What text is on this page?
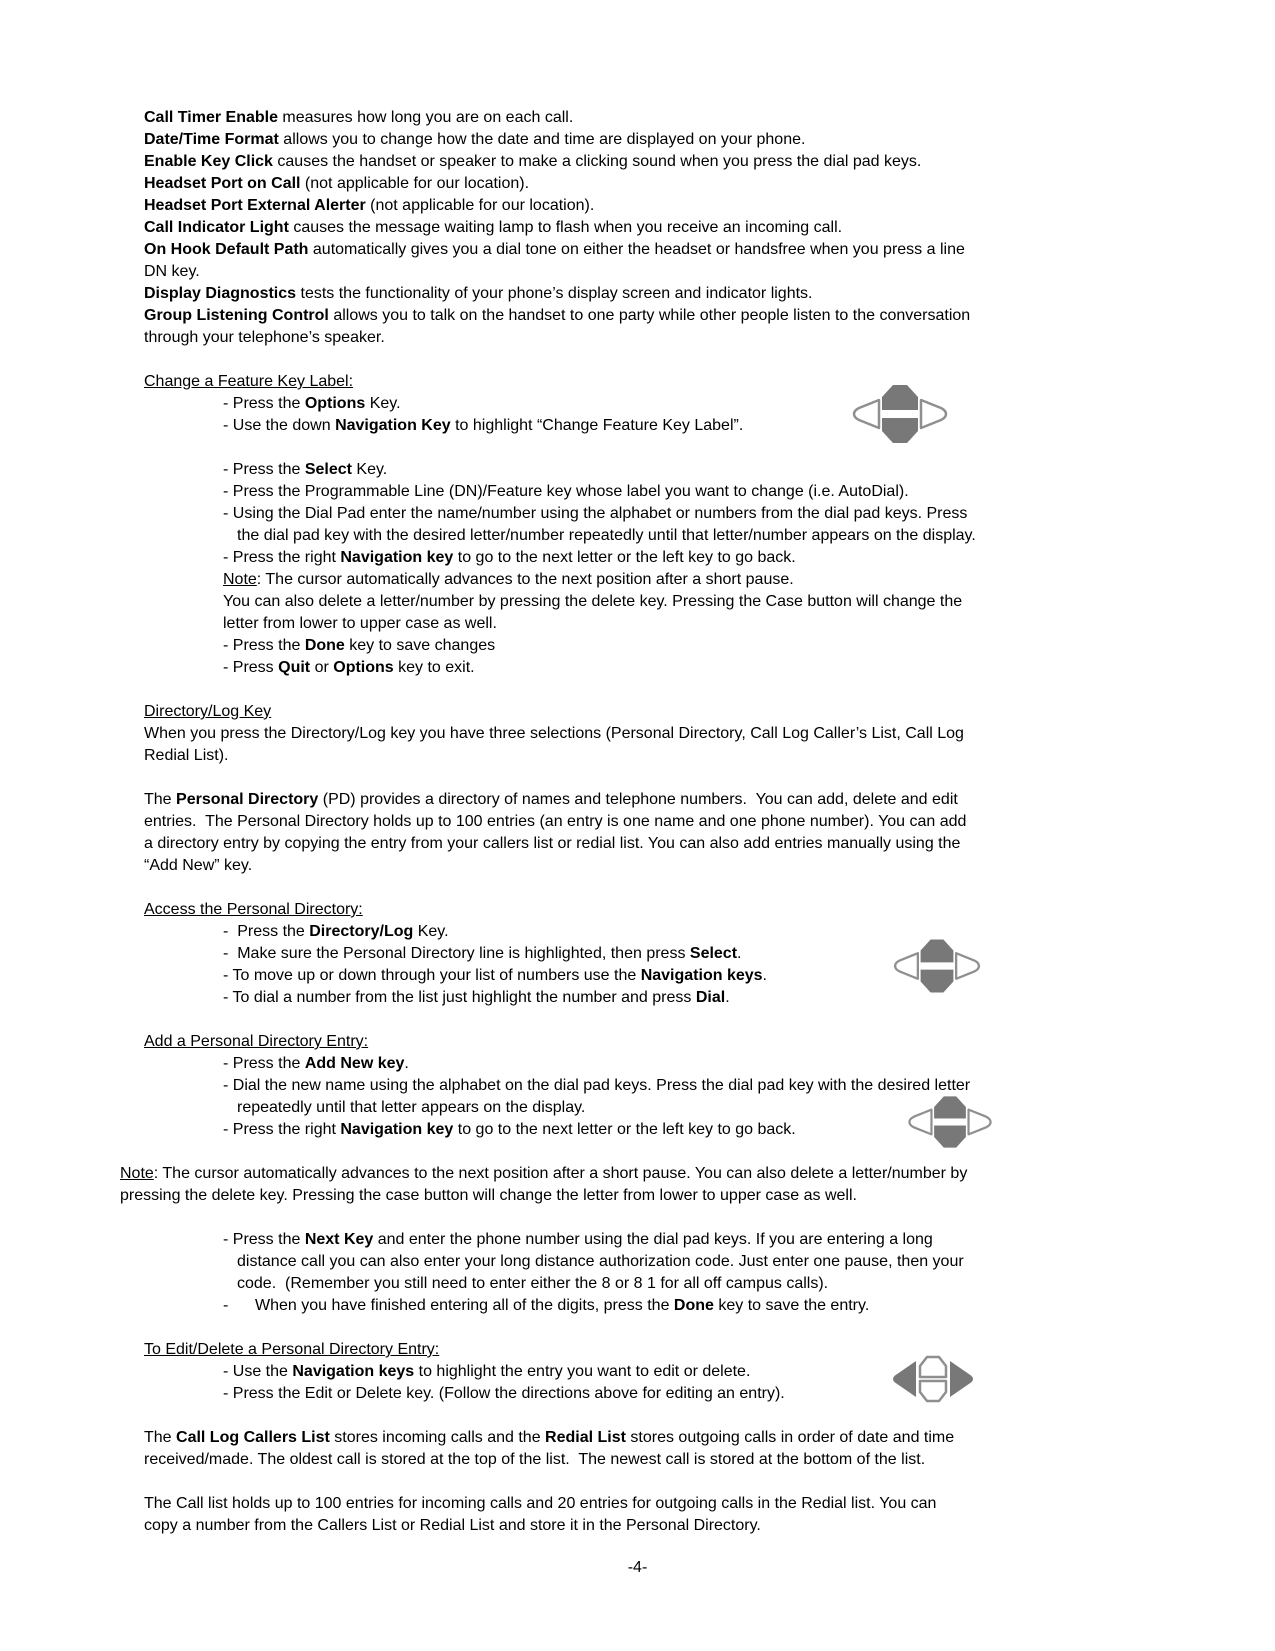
Call Timer Enable measures how long you are on each call.
Date/Time Format allows you to change how the date and time are displayed on your phone.
Enable Key Click causes the handset or speaker to make a clicking sound when you press the dial pad keys.
Headset Port on Call (not applicable for our location).
Headset Port External Alerter (not applicable for our location).
Call Indicator Light causes the message waiting lamp to flash when you receive an incoming call.
On Hook Default Path automatically gives you a dial tone on either the headset or handsfree when you press a line
DN key.
Display Diagnostics tests the functionality of your phone’s display screen and indicator lights.
Group Listening Control allows you to talk on the handset to one party while other people listen to the conversation
through your telephone’s speaker.

Change a Feature Key Label:
- Press the Options Key.
- Use the down Navigation Key to highlight “Change Feature Key Label”.

- Press the Select Key.
- Press the Programmable Line (DN)/Feature key whose label you want to change (i.e. AutoDial).
- Using the Dial Pad enter the name/number using the alphabet or numbers from the dial pad keys. Press
the dial pad key with the desired letter/number repeatedly until that letter/number appears on the display.
- Press the right Navigation key to go to the next letter or the left key to go back.
Note: The cursor automatically advances to the next position after a short pause.
You can also delete a letter/number by pressing the delete key. Pressing the Case button will change the
letter from lower to upper case as well.
- Press the Done key to save changes
- Press Quit or Options key to exit.

Directory/Log Key
When you press the Directory/Log key you have three selections (Personal Directory, Call Log Caller’s List, Call Log
Redial List).

The Personal Directory (PD) provides a directory of names and telephone numbers.  You can add, delete and edit
entries.  The Personal Directory holds up to 100 entries (an entry is one name and one phone number). You can add
a directory entry by copying the entry from your callers list or redial list. You can also add entries manually using the
“Add New” key.

Access the Personal Directory:
-  Press the Directory/Log Key.
-  Make sure the Personal Directory line is highlighted, then press Select.
- To move up or down through your list of numbers use the Navigation keys.
- To dial a number from the list just highlight the number and press Dial.

Add a Personal Directory Entry:
- Press the Add New key.
- Dial the new name using the alphabet on the dial pad keys. Press the dial pad key with the desired letter
repeatedly until that letter appears on the display.
- Press the right Navigation key to go to the next letter or the left key to go back.

Note: The cursor automatically advances to the next position after a short pause. You can also delete a letter/number by
pressing the delete key. Pressing the case button will change the letter from lower to upper case as well.

- Press the Next Key and enter the phone number using the dial pad keys. If you are entering a long
distance call you can also enter your long distance authorization code. Just enter one pause, then your
code.  (Remember you still need to enter either the 8 or 8 1 for all off campus calls).
-      When you have finished entering all of the digits, press the Done key to save the entry.

To Edit/Delete a Personal Directory Entry:
- Use the Navigation keys to highlight the entry you want to edit or delete.
- Press the Edit or Delete key. (Follow the directions above for editing an entry).

The Call Log Callers List stores incoming calls and the Redial List stores outgoing calls in order of date and time
received/made. The oldest call is stored at the top of the list.  The newest call is stored at the bottom of the list.

The Call list holds up to 100 entries for incoming calls and 20 entries for outgoing calls in the Redial list. You can
copy a number from the Callers List or Redial List and store it in the Personal Directory.
-4-
